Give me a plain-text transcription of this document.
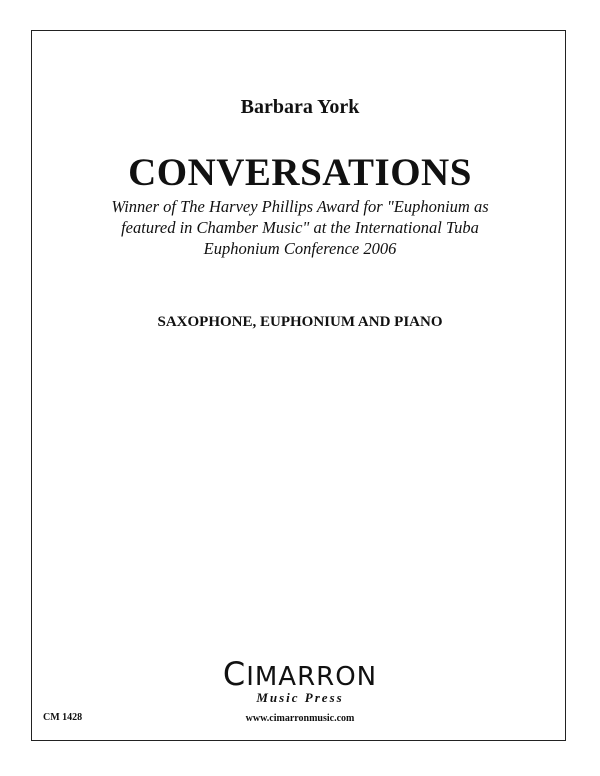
Barbara York
CONVERSATIONS
Winner of The Harvey Phillips Award for "Euphonium as
featured in Chamber Music" at the International Tuba
Euphonium Conference 2006
SAXOPHONE, EUPHONIUM AND PIANO
CIMARRON
Music Press
www.cimarronmusic.com
CM 1428
